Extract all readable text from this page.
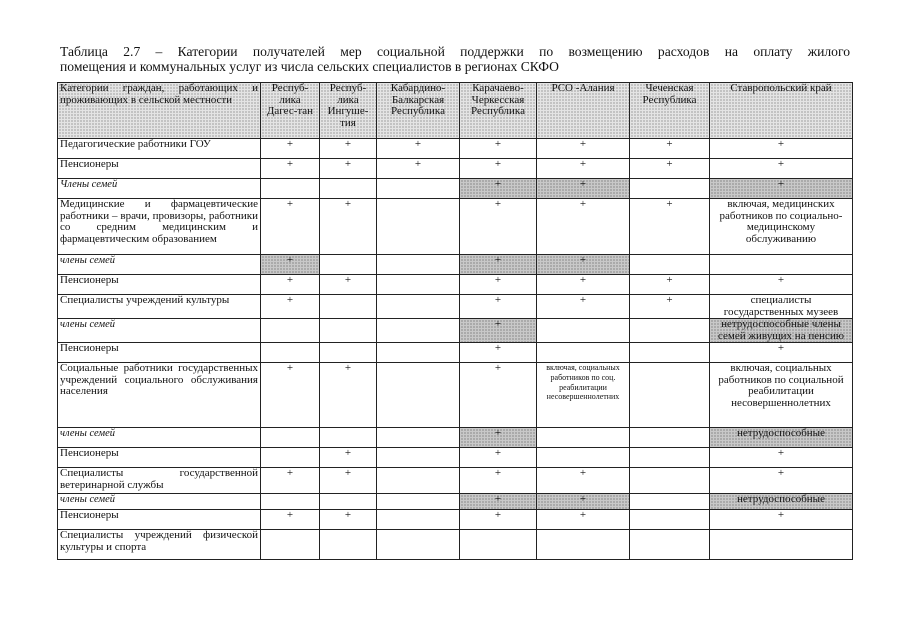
Таблица 2.7 – Категории получателей мер социальной поддержки по возмещению расходов на оплату жилого
помещения и коммунальных услуг из числа сельских специалистов в регионах СКФО
Категории граждан, работающих и проживающих в сельской местности	Респуб-лика Дагес-тан	Респуб-лика Ингуше-тия	Кабардино-Балкарская Республика	Карачаево-Черкесская Республика	РСО -Алания	Чеченская Республика	Ставропольский край
Педагогические работники ГОУ	+	+	+	+	+	+	+
Пенсионеры	+	+	+	+	+	+	+
Члены семей				+	+		+
Медицинские и фармацевтические работники – врачи, провизоры, работники со средним медицинским и фармацевтическим образованием	+	+		+	+	+	включая, медицинских работников по социально-медицинскому обслуживанию
члены семей	+			+	+		
Пенсионеры	+	+		+	+	+	+
Специалисты учреждений культуры	+			+	+	+	специалисты государственных музеев
члены семей				+			нетрудоспособные члены семей живущих на пенсию
Пенсионеры				+			+
Социальные работники государственных учреждений социального обслуживания населения	+	+		+	включая, социальных работников по соц. реабилитации несовершеннолетних		включая, социальных работников по социальной реабилитации несовершеннолетних
члены семей				+			нетрудоспособные
Пенсионеры		+		+			+
Специалисты государственной ветеринарной службы	+	+		+	+		+
члены семей				+	+		нетрудоспособные
Пенсионеры	+	+		+	+		+
Специалисты учреждений физической культуры и спорта							
